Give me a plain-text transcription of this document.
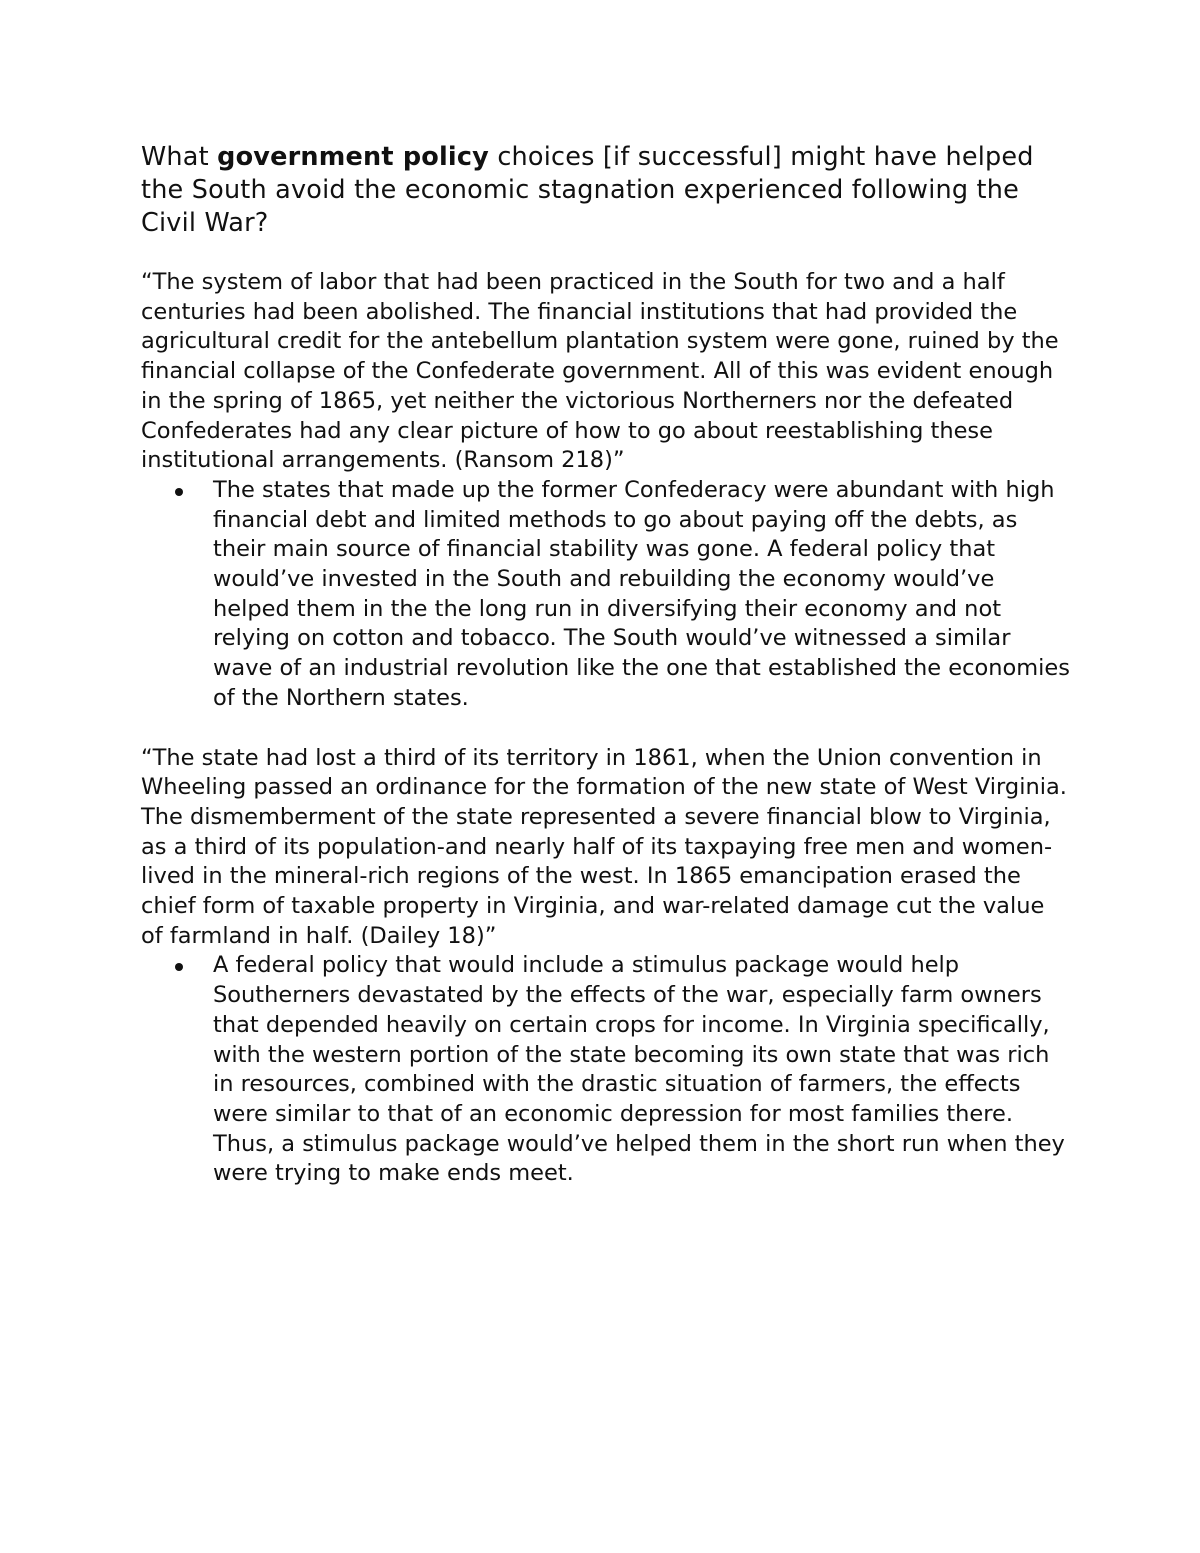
What government policy choices [if successful] might have helped the South avoid the economic stagnation experienced following the Civil War?

“The system of labor that had been practiced in the South for two and a half centuries had been abolished. The financial institutions that had provided the agricultural credit for the antebellum plantation system were gone, ruined by the financial collapse of the Confederate government. All of this was evident enough in the spring of 1865, yet neither the victorious Northerners nor the defeated Confederates had any clear picture of how to go about reestablishing these institutional arrangements. (Ransom 218)”

The states that made up the former Confederacy were abundant with high financial debt and limited methods to go about paying off the debts, as their main source of financial stability was gone. A federal policy that would’ve invested in the South and rebuilding the economy would’ve helped them in the the long run in diversifying their economy and not relying on cotton and tobacco. The South would’ve witnessed a similar wave of an industrial revolution like the one that established the economies of the Northern states.

“The state had lost a third of its territory in 1861, when the Union convention in Wheeling passed an ordinance for the formation of the new state of West Virginia. The dismemberment of the state represented a severe financial blow to Virginia, as a third of its population-and nearly half of its taxpaying free men and women-lived in the mineral-rich regions of the west. In 1865 emancipation erased the chief form of taxable property in Virginia, and war-related damage cut the value of farmland in half. (Dailey 18)”

A federal policy that would include a stimulus package would help Southerners devastated by the effects of the war, especially farm owners that depended heavily on certain crops for income. In Virginia specifically, with the western portion of the state becoming its own state that was rich in resources, combined with the drastic situation of farmers, the effects were similar to that of an economic depression for most families there. Thus, a stimulus package would’ve helped them in the short run when they were trying to make ends meet.
